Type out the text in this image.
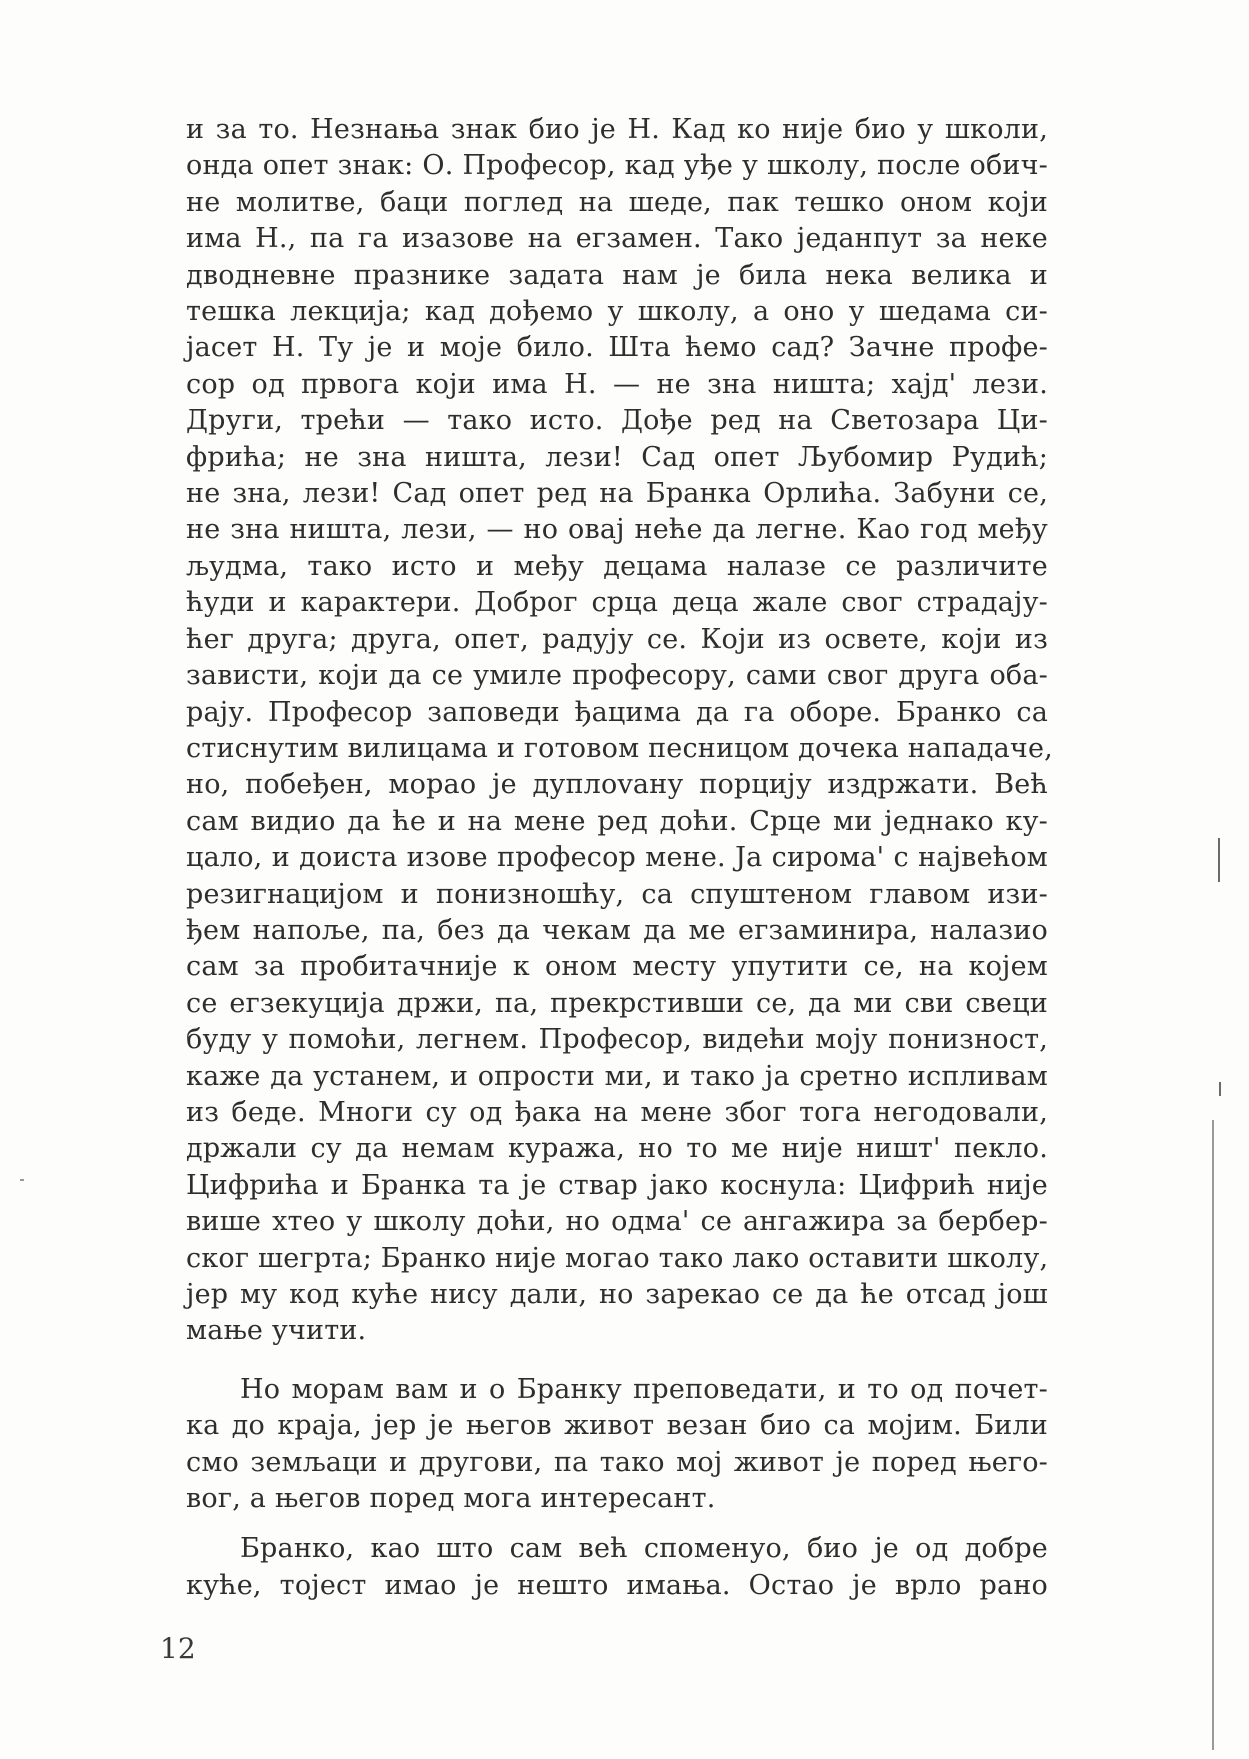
и за то. Незнања знак био је Н. Кад ко није био у школи,
онда опет знак: О. Професор, кад уђе у школу, после обич-
не молитве, баци поглед на шеде, пак тешко оном који
има Н., па га изазове на егзамен. Тако једанпут за неке
дводневне празнике задата нам је била нека велика и
тешка лекција; кад дођемо у школу, а оно у шедама си-
јасет Н. Ту је и моје било. Шта ћемо сад? Зачне профе-
сор од првога који има Н. — не зна ништа; хајд' лези.
Други, трећи — тако исто. Дође ред на Светозара Ци-
фрића; не зна ништа, лези! Сад опет Љубомир Рудић;
не зна, лези! Сад опет ред на Бранка Орлића. Забуни се,
не зна ништа, лези, — но овај неће да легне. Као год међу
људма, тако исто и међу децама налазе се различите
ћуди и карактери. Доброг срца деца жале свог страдају-
ћег друга; друга, опет, радују се. Који из освете, који из
зависти, који да се умиле професору, сами свог друга оба-
рају. Професор заповеди ђацима да га оборе. Бранко са
стиснутим вилицама и готовом песницом дочека нападаче,
но, побеђен, морао је дуплovану порцију издржати. Већ
сам видио да ће и на мене ред доћи. Срце ми једнако ку-
цало, и доиста изове професор мене. Ја сирома' с највећом
резигнацијом и понизношћу, са спуштеном главом изи-
ђем напоље, па, без да чекам да ме егзаминира, налазио
сам за пробитачније к оном месту упутити се, на којем
се егзекуција држи, па, прекрстивши се, да ми сви свеци
буду у помоћи, легнем. Професор, видећи моју понизност,
каже да устанем, и опрости ми, и тако ја сретно испливам
из беде. Многи су од ђака на мене због тога негодовали,
држали су да немам куража, но то ме није ништ' пекло.
Цифрића и Бранка та је ствар јако коснула: Цифрић није
више хтео у школу доћи, но одма' се ангажира за бербер-
ског шегрта; Бранко није могао тако лако оставити школу,
јер му код куће нису дали, но зарекао се да ће отсад још
мање учити.
Но морам вам и о Бранку преповедати, и то од почет-
ка до краја, јер је његов живот везан био са мојим. Били
смо земљаци и другови, па тако мој живот је поред њего-
вог, а његов поред мога интересант.
Бранко, као што сам већ споменуо, био је од добре
куће, тојест имао је нешто имања. Остао је врло рано
12
